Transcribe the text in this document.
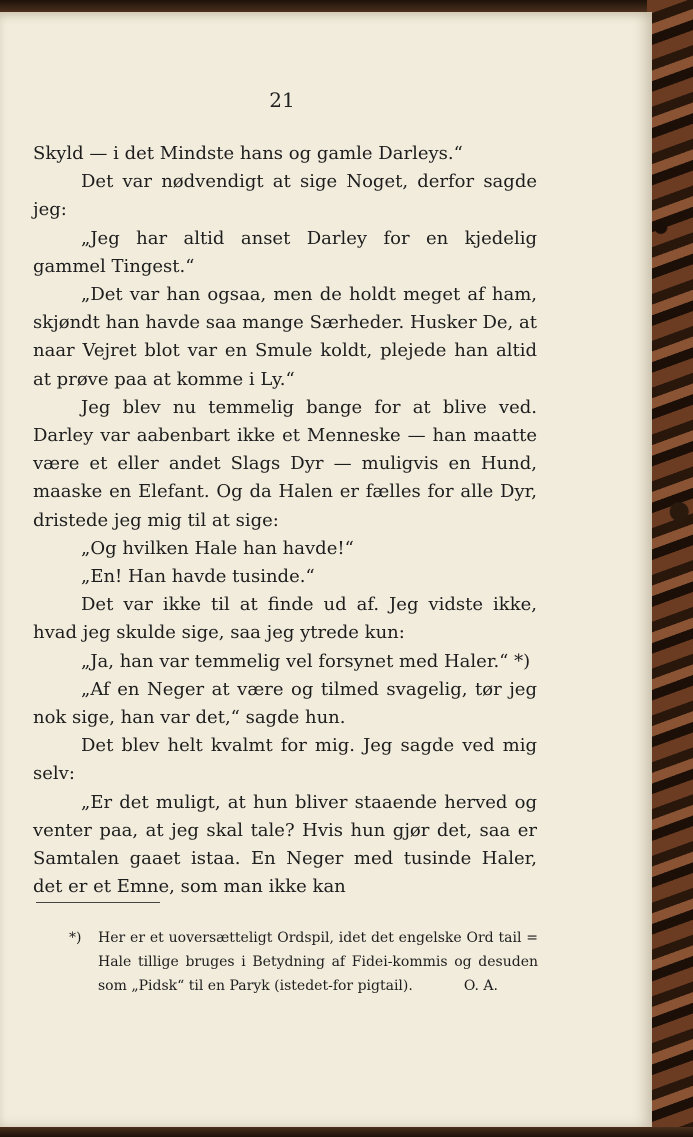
21

Skyld — i det Mindste hans og gamle Darleys.“

Det var nødvendigt at sige Noget, derfor sagde jeg:

„Jeg har altid anset Darley for en kjedelig gammel Tingest.“

„Det var han ogsaa, men de holdt meget af ham, skjøndt han havde saa mange Særheder. Husker De, at naar Vejret blot var en Smule koldt, plejede han altid at prøve paa at komme i Ly.“

Jeg blev nu temmelig bange for at blive ved. Darley var aabenbart ikke et Menneske — han maatte være et eller andet Slags Dyr — muligvis en Hund, maaske en Elefant. Og da Halen er fælles for alle Dyr, dristede jeg mig til at sige:

„Og hvilken Hale han havde!“

„En! Han havde tusinde.“

Det var ikke til at finde ud af. Jeg vidste ikke, hvad jeg skulde sige, saa jeg ytrede kun:

„Ja, han var temmelig vel forsynet med Haler.“ *)

„Af en Neger at være og tilmed svagelig, tør jeg nok sige, han var det,“ sagde hun.

Det blev helt kvalmt for mig. Jeg sagde ved mig selv:

„Er det muligt, at hun bliver staaende herved og venter paa, at jeg skal tale? Hvis hun gjør det, saa er Samtalen gaaet istaa. En Neger med tusinde Haler, det er et Emne, som man ikke kan

*) Her er et uoversætteligt Ordspil, idet det engelske Ord tail = Hale tillige bruges i Betydning af Fidei-kommis og desuden som „Pidsk“ til en Paryk (istedet-for pigtail).	O. A.
